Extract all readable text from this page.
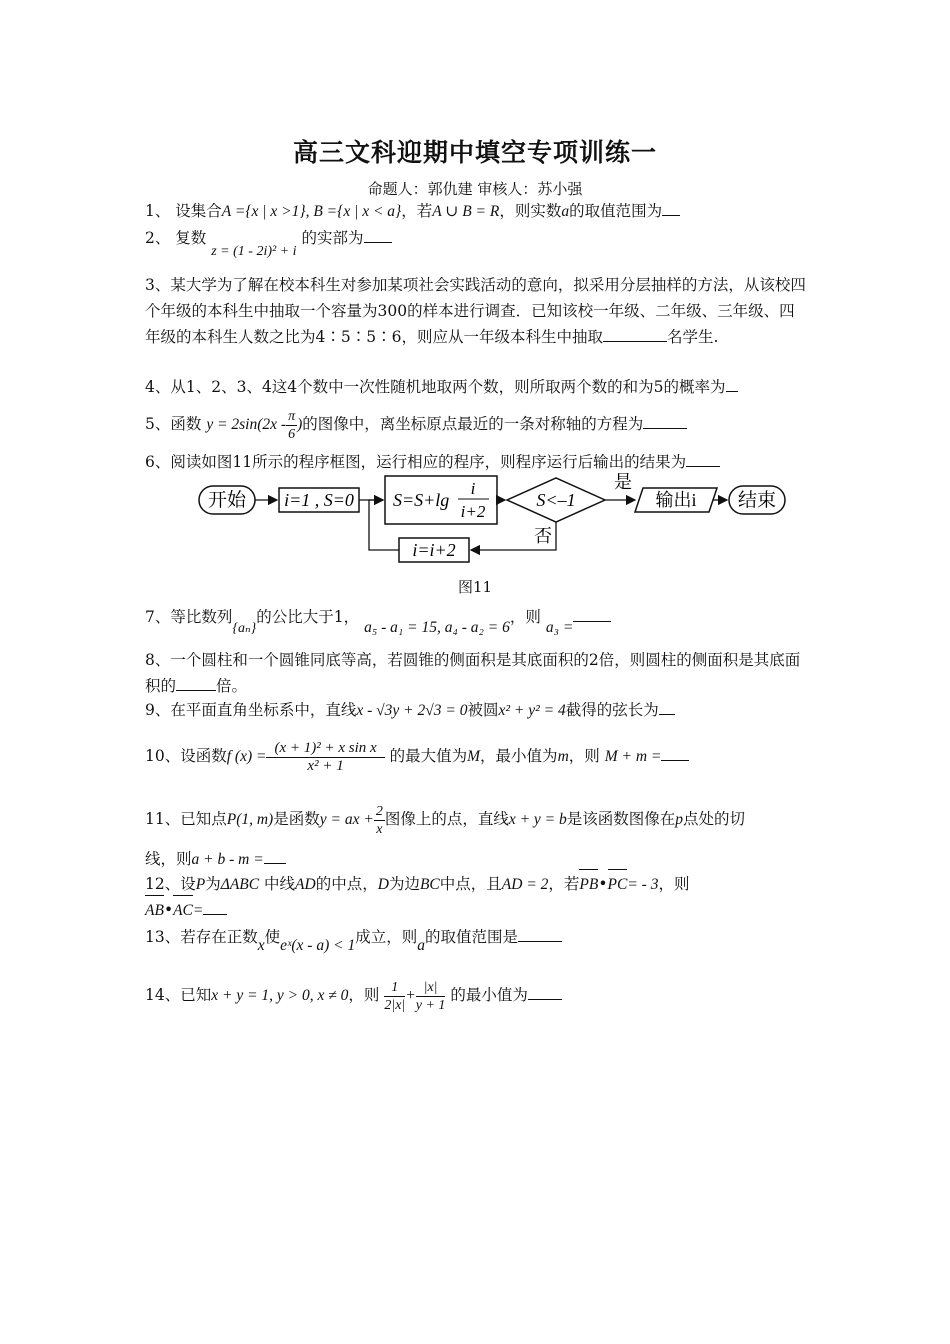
高三文科迎期中填空专项训练一
命题人：郭仇建 审核人：苏小强
1、 设集合A ={x | x >1}, B ={x | x < a}，若A ∪ B = R，则实数a的取值范围为
2、 复数 z = (1 - 2i)² + i 的实部为
3、某大学为了解在校本科生对参加某项社会实践活动的意向，拟采用分层抽样的方法，从该校四个年级的本科生中抽取一个容量为300的样本进行调查．已知该校一年级、二年级、三年级、四年级的本科生人数之比为4∶5∶5∶6，则应从一年级本科生中抽取	名学生.
4、从1、2、3、4这4个数中一次性随机地取两个数，则所取两个数的和为5的概率为
5、函数 $y = 2\sin(2x - \frac{\pi}{6}$ )的图像中，离坐标原点最近的一条对称轴的方程为
6、阅读如图11所示的程序框图，运行相应的程序，则程序运行后输出的结果为
开始 i=1 , S=0 S=S+lg
i
i+2
S<–1
是
输出i 结束
否
i=i+2
图11
7、等比数列{aₙ}的公比大于1， a₅ - a₁ = 15, a₄ - a₂ = 6，则 a₃ =
8、一个圆柱和一个圆锥同底等高，若圆锥的侧面积是其底面积的2倍，则圆柱的侧面积是其底面积的	倍。
9、在平面直角坐标系中，直线x - √3y + 2√3 = 0被圆x² + y² = 4截得的弦长为
10、设函数f $(x) = \frac{\text{(x + 1)² + x sin x}}{\text{x² + 1}}$ 的最大值为M，最小值为m，则 M + m =
11、已知点P(1, m)是函数y = ax + $\frac{2}{x}$ 图像上的点，直线x + y = b是该函数图像在p点处的切
线，则a + b - m =
12、设P为ΔABC 中线AD的中点，D为边BC中点，且AD = 2，若PB•PC= - 3，则
AB•AC=
13、若存在正数x使eˣ(x - a) < 1成立，则a的取值范围是
14、已知x + y = 1, y > 0, x ≠ 0，则 $\frac{1}{2|x|} + \frac{|x|}{y + 1}$ 的最小值为
